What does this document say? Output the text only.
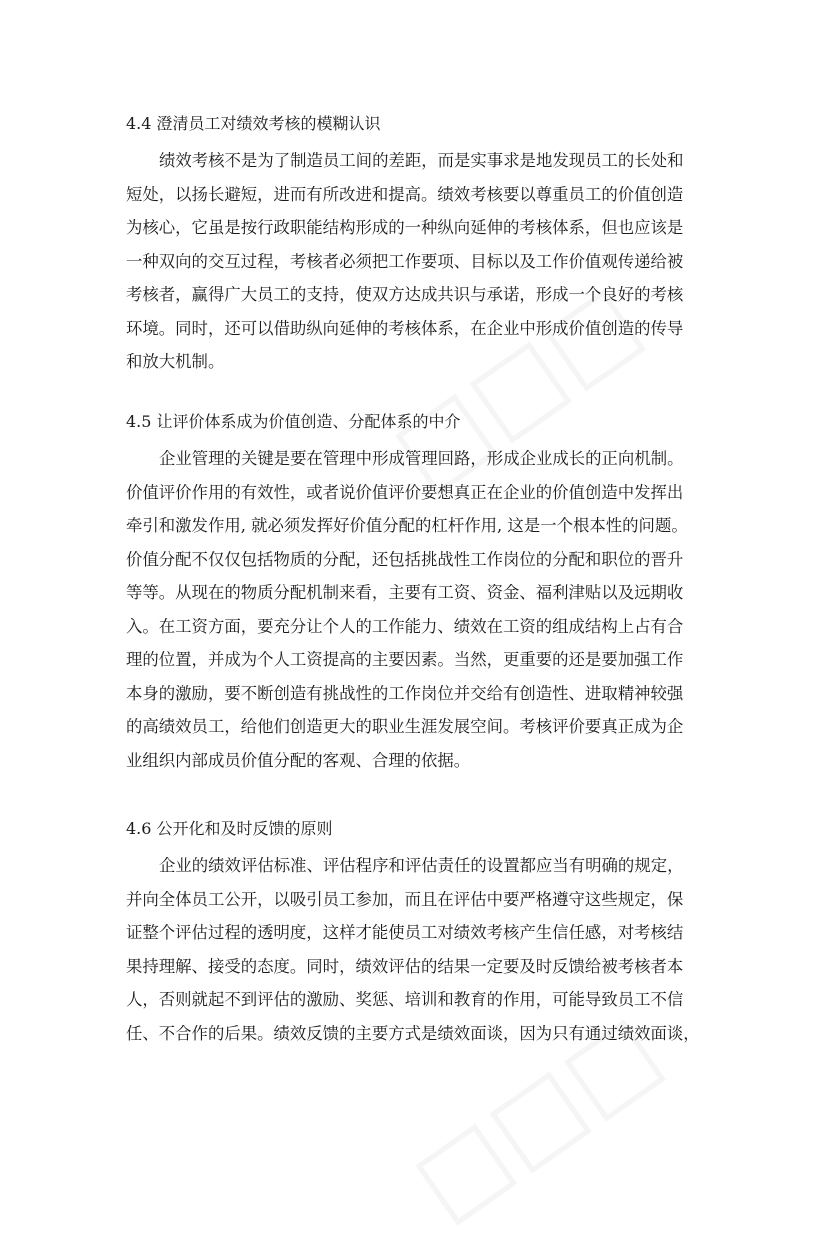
4.4 澄清员工对绩效考核的模糊认识
绩效考核不是为了制造员工间的差距，而是实事求是地发现员工的长处和
短处，以扬长避短，进而有所改进和提高。绩效考核要以尊重员工的价值创造
为核心，它虽是按行政职能结构形成的一种纵向延伸的考核体系，但也应该是
一种双向的交互过程，考核者必须把工作要项、目标以及工作价值观传递给被
考核者，赢得广大员工的支持，使双方达成共识与承诺，形成一个良好的考核
环境。同时，还可以借助纵向延伸的考核体系，在企业中形成价值创造的传导
和放大机制。
4.5 让评价体系成为价值创造、分配体系的中介
企业管理的关键是要在管理中形成管理回路，形成企业成长的正向机制。
价值评价作用的有效性，或者说价值评价要想真正在企业的价值创造中发挥出
牵引和激发作用, 就必须发挥好价值分配的杠杆作用, 这是一个根本性的问题。
价值分配不仅仅包括物质的分配，还包括挑战性工作岗位的分配和职位的晋升
等等。从现在的物质分配机制来看，主要有工资、资金、福利津贴以及远期收
入。在工资方面，要充分让个人的工作能力、绩效在工资的组成结构上占有合
理的位置，并成为个人工资提高的主要因素。当然，更重要的还是要加强工作
本身的激励，要不断创造有挑战性的工作岗位并交给有创造性、进取精神较强
的高绩效员工，给他们创造更大的职业生涯发展空间。考核评价要真正成为企
业组织内部成员价值分配的客观、合理的依据。
4.6 公开化和及时反馈的原则
企业的绩效评估标准、评估程序和评估责任的设置都应当有明确的规定，
并向全体员工公开，以吸引员工参加，而且在评估中要严格遵守这些规定，保
证整个评估过程的透明度，这样才能使员工对绩效考核产生信任感，对考核结
果持理解、接受的态度。同时，绩效评估的结果一定要及时反馈给被考核者本
人，否则就起不到评估的激励、奖惩、培训和教育的作用，可能导致员工不信
任、不合作的后果。绩效反馈的主要方式是绩效面谈，因为只有通过绩效面谈，
